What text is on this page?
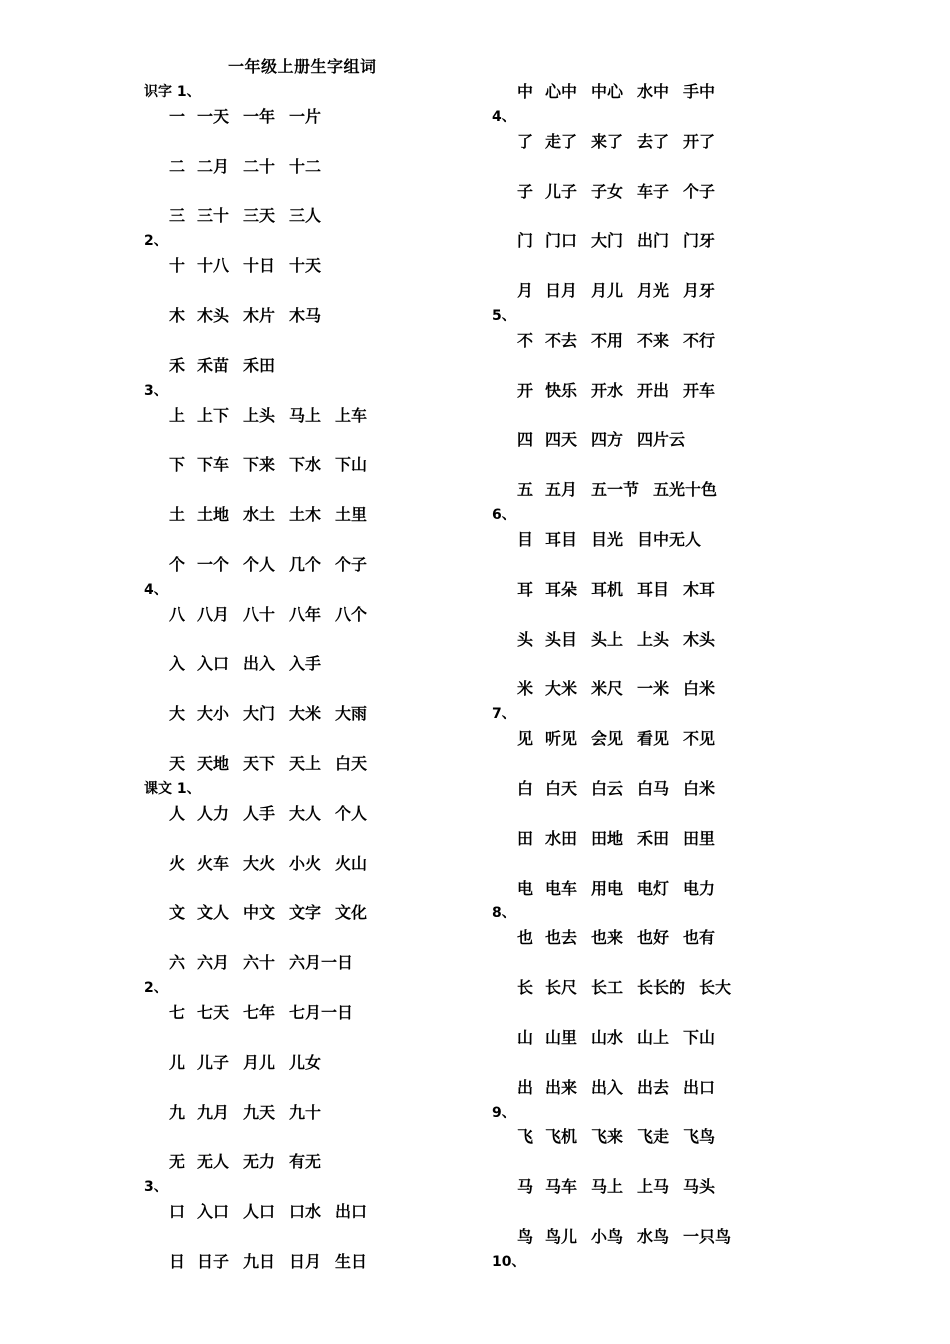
一年级上册生字组词
识字 1、
一 一天 一年 一片
二 二月 二十 十二
三 三十 三天 三人
2、
十 十八 十日 十天
木 木头 木片 木马
禾 禾苗 禾田
3、
上 上下 上头 马上 上车
下 下车 下来 下水 下山
土 土地 水土 土木 土里
个 一个 个人 几个 个子
4、
八 八月 八十 八年 八个
入 入口 出入 入手
大 大小 大门 大米 大雨
天 天地 天下 天上 白天
课文 1、
人 人力 人手 大人 个人
火 火车 大火 小火 火山
文 文人 中文 文字 文化
六 六月 六十 六月一日
2、
七 七天 七年 七月一日
儿 儿子 月儿 儿女
九 九月 九天 九十
无 无人 无力 有无
3、
口 入口 人口 口水 出口
日 日子 九日 日月 生日
中 心中 中心 水中 手中
4、
了 走了 来了 去了 开了
子 儿子 子女 车子 个子
门 门口 大门 出门 门牙
月 日月 月儿 月光 月牙
5、
不 不去 不用 不来 不行
开 快乐 开水 开出 开车
四 四天 四方 四片云
五 五月 五一节 五光十色
6、
目 耳目 目光 目中无人
耳 耳朵 耳机 耳目 木耳
头 头目 头上 上头 木头
米 大米 米尺 一米 白米
7、
见 听见 会见 看见 不见
白 白天 白云 白马 白米
田 水田 田地 禾田 田里
电 电车 用电 电灯 电力
8、
也 也去 也来 也好 也有
长 长尺 长工 长长的 长大
山 山里 山水 山上 下山
出 出来 出入 出去 出口
9、
飞 飞机 飞来 飞走 飞鸟
马 马车 马上 上马 马头
鸟 鸟儿 小鸟 水鸟 一只鸟
10、
